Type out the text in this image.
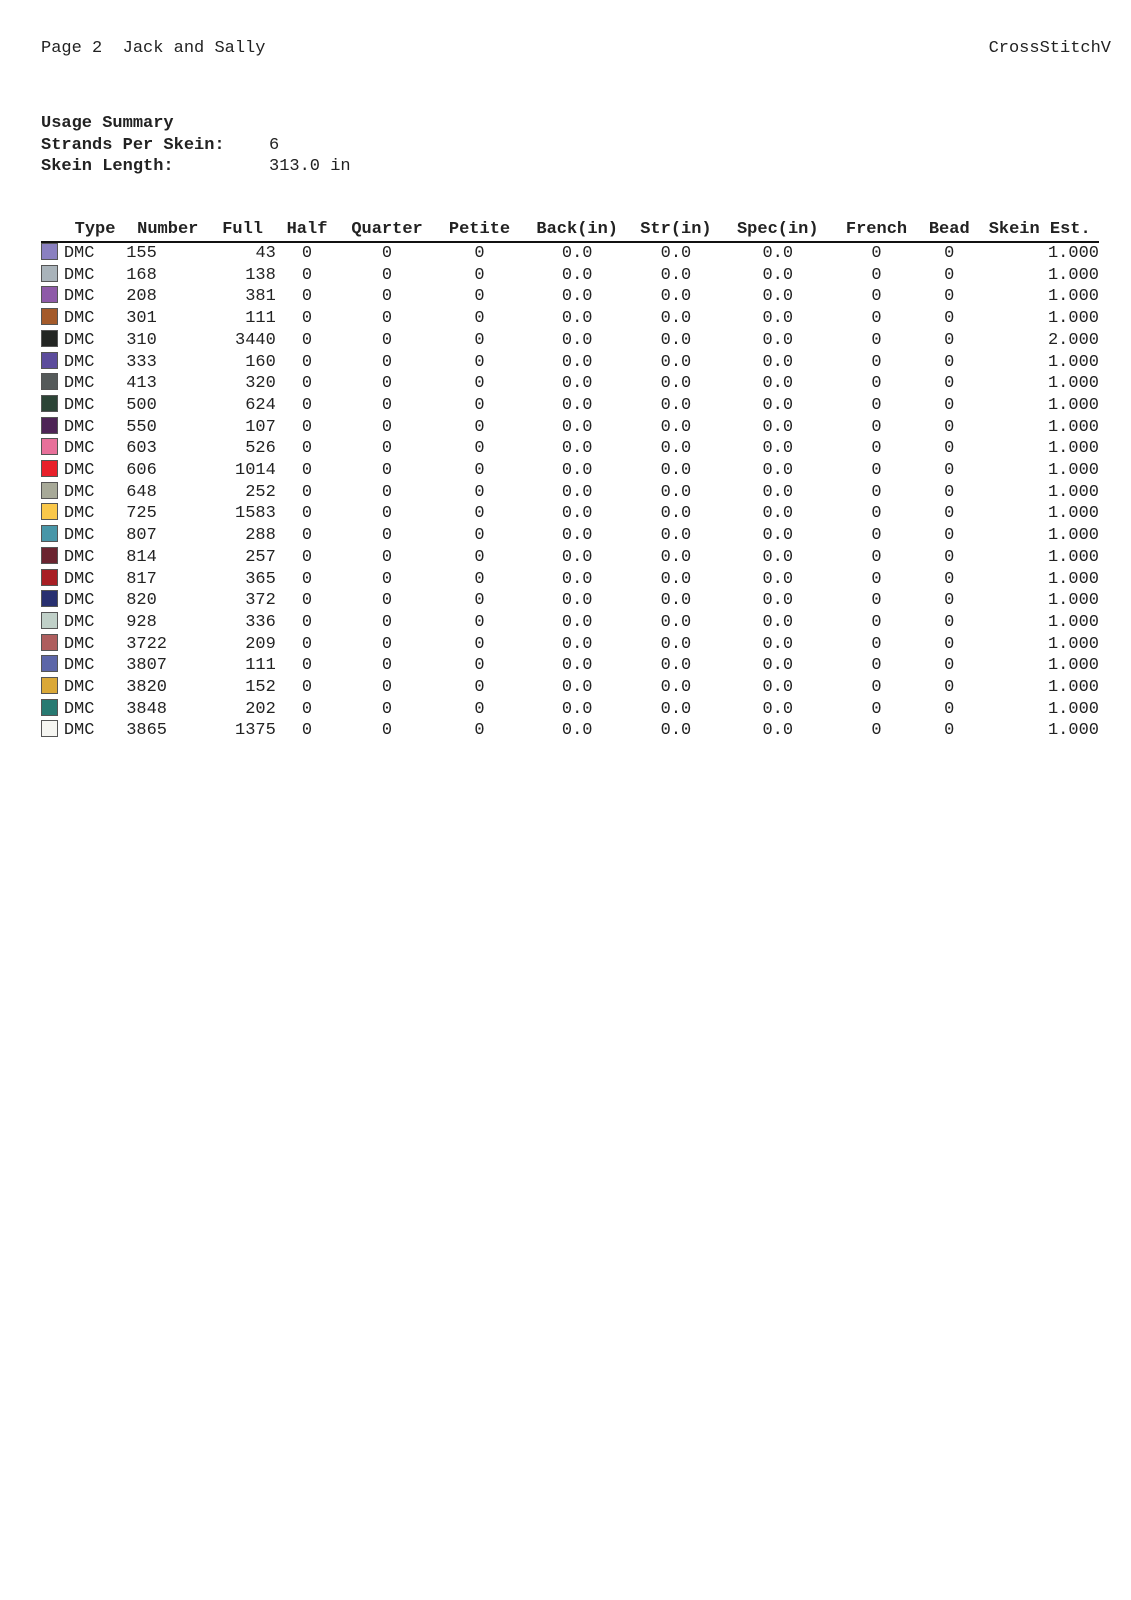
Page 2 Jack and Sally	CrossStitchV
Usage Summary
Strands Per Skein:	6
Skein Length:	313.0 in
	Type	Number	Full	Half	Quarter	Petite	Back(in)	Str(in)	Spec(in)	French	Bead	Skein Est.
	DMC	155	43	0	0	0	0.0	0.0	0.0	0	0	1.000
	DMC	168	138	0	0	0	0.0	0.0	0.0	0	0	1.000
	DMC	208	381	0	0	0	0.0	0.0	0.0	0	0	1.000
	DMC	301	111	0	0	0	0.0	0.0	0.0	0	0	1.000
	DMC	310	3440	0	0	0	0.0	0.0	0.0	0	0	2.000
	DMC	333	160	0	0	0	0.0	0.0	0.0	0	0	1.000
	DMC	413	320	0	0	0	0.0	0.0	0.0	0	0	1.000
	DMC	500	624	0	0	0	0.0	0.0	0.0	0	0	1.000
	DMC	550	107	0	0	0	0.0	0.0	0.0	0	0	1.000
	DMC	603	526	0	0	0	0.0	0.0	0.0	0	0	1.000
	DMC	606	1014	0	0	0	0.0	0.0	0.0	0	0	1.000
	DMC	648	252	0	0	0	0.0	0.0	0.0	0	0	1.000
	DMC	725	1583	0	0	0	0.0	0.0	0.0	0	0	1.000
	DMC	807	288	0	0	0	0.0	0.0	0.0	0	0	1.000
	DMC	814	257	0	0	0	0.0	0.0	0.0	0	0	1.000
	DMC	817	365	0	0	0	0.0	0.0	0.0	0	0	1.000
	DMC	820	372	0	0	0	0.0	0.0	0.0	0	0	1.000
	DMC	928	336	0	0	0	0.0	0.0	0.0	0	0	1.000
	DMC	3722	209	0	0	0	0.0	0.0	0.0	0	0	1.000
	DMC	3807	111	0	0	0	0.0	0.0	0.0	0	0	1.000
	DMC	3820	152	0	0	0	0.0	0.0	0.0	0	0	1.000
	DMC	3848	202	0	0	0	0.0	0.0	0.0	0	0	1.000
	DMC	3865	1375	0	0	0	0.0	0.0	0.0	0	0	1.000
